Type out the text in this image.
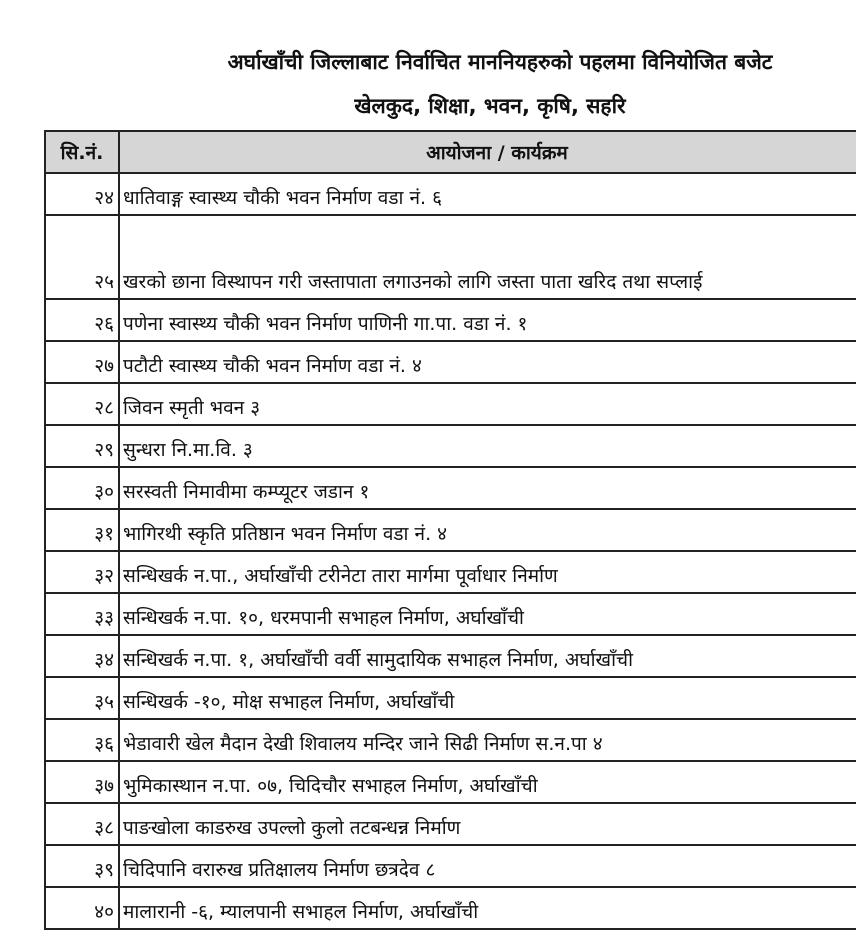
अर्घाखाँची जिल्लाबाट निर्वाचित माननियहरुको पहलमा विनियोजित बजेट
खेलकुद, शिक्षा, भवन, कृषि, सहरि
सि.नं.	आयोजना / कार्यक्रम
२४	धातिवाङ्ग स्वास्थ्य चौकी भवन निर्माण वडा नं. ६
२५	खरको छाना विस्थापन गरी जस्तापाता लगाउनको लागि जस्ता पाता खरिद तथा सप्लाई
२६	पणेना स्वास्थ्य चौकी भवन निर्माण पाणिनी गा.पा. वडा नं. १
२७	पटौटी स्वास्थ्य चौकी भवन निर्माण वडा नं. ४
२८	जिवन स्मृती भवन ३
२९	सुन्धरा नि.मा.वि. ३
३०	सरस्वती निमावीमा कम्प्यूटर जडान १
३१	भागिरथी स्कृति प्रतिष्ठान भवन निर्माण वडा नं. ४
३२	सन्धिखर्क न.पा., अर्घाखाँची टरीनेटा तारा मार्गमा पूर्वाधार निर्माण
३३	सन्धिखर्क न.पा. १०, धरमपानी सभाहल निर्माण, अर्घाखाँची
३४	सन्धिखर्क न.पा. १, अर्घाखाँची वर्वी सामुदायिक सभाहल निर्माण, अर्घाखाँची
३५	सन्धिखर्क -१०, मोक्ष सभाहल निर्माण, अर्घाखाँची
३६	भेडावारी खेल मैदान देखी शिवालय मन्दिर जाने सिढी निर्माण स.न.पा ४
३७	भुमिकास्थान न.पा. ०७, चिदिचौर सभाहल निर्माण, अर्घाखाँची
३८	पाङखोला काडरुख उपल्लो कुलो तटबन्धन्न निर्माण
३९	चिदिपानि वरारुख प्रतिक्षालय निर्माण छत्रदेव ८
४०	मालारानी -६, म्यालपानी सभाहल निर्माण, अर्घाखाँची
